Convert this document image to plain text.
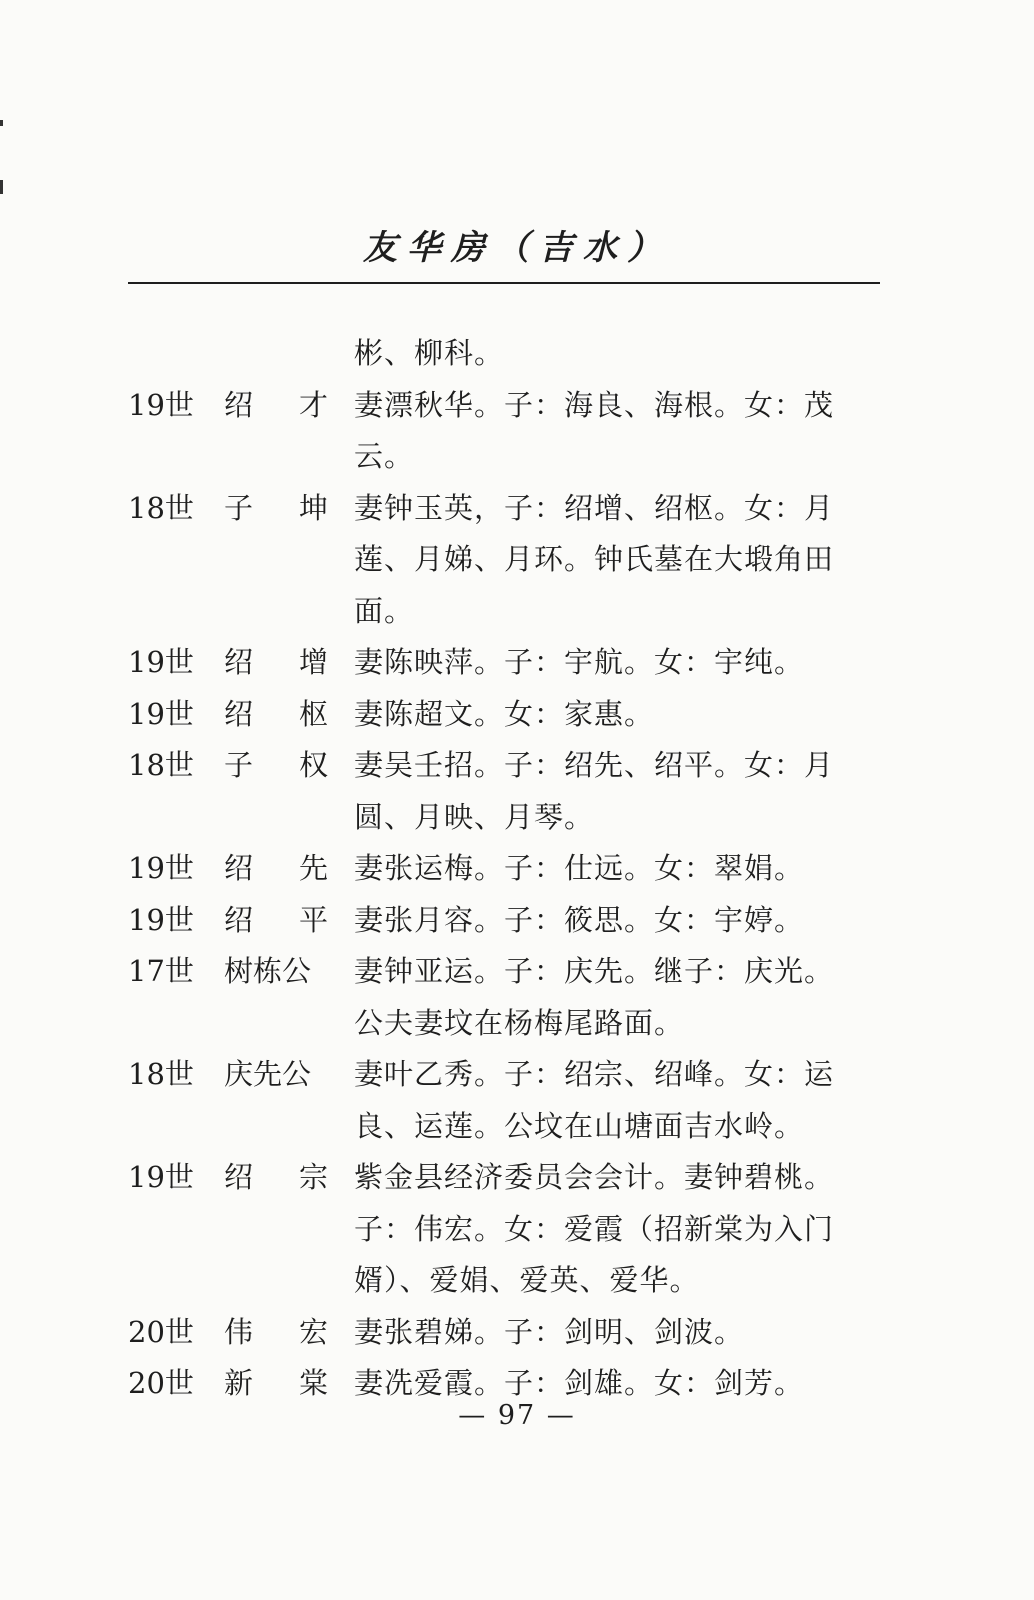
友华房（吉水）
彬、柳科。
19世	绍 才 妻漂秋华。子：海良、海根。女：茂
云。
18世	子 坤 妻钟玉英，子：绍增、绍枢。女：月
莲、月娣、月环。钟氏墓在大塅角田
面。
19世	绍 增 妻陈映萍。子：宇航。女：宇纯。
19世	绍 枢 妻陈超文。女：家惠。
18世	子 权 妻吴壬招。子：绍先、绍平。女：月
圆、月映、月琴。
19世	绍 先 妻张运梅。子：仕远。女：翠娟。
19世	绍 平 妻张月容。子：筱思。女：宇婷。
17世	树栋公 妻钟亚运。子：庆先。继子：庆光。
公夫妻坟在杨梅尾路面。
18世	庆先公 妻叶乙秀。子：绍宗、绍峰。女：运
良、运莲。公坟在山塘面吉水岭。
19世	绍 宗 紫金县经济委员会会计。妻钟碧桃。
子：伟宏。女：爱霞（招新棠为入门
婿）、爱娟、爱英、爱华。
20世	伟 宏 妻张碧娣。子：剑明、剑波。
20世	新 棠 妻冼爱霞。子：剑雄。女：剑芳。
— 97 —
